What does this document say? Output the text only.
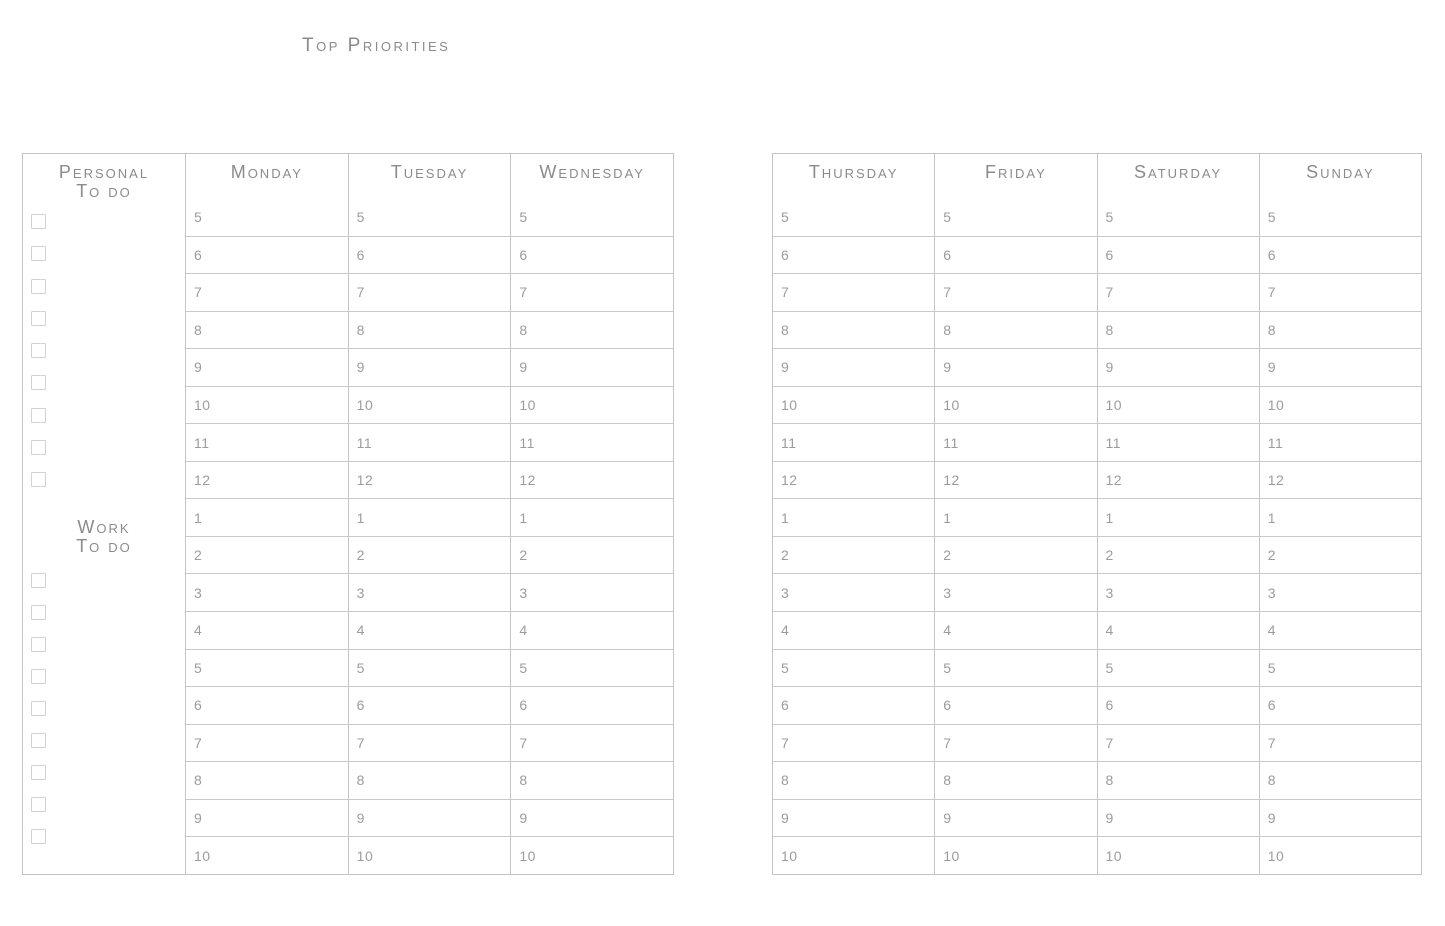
Top Priorities
Personal
To do
Work
To do
Monday
5
6
7
8
9
10
11
12
1
2
3
4
5
6
7
8
9
10
Tuesday
5
6
7
8
9
10
11
12
1
2
3
4
5
6
7
8
9
10
Wednesday
5
6
7
8
9
10
11
12
1
2
3
4
5
6
7
8
9
10
Thursday
5
6
7
8
9
10
11
12
1
2
3
4
5
6
7
8
9
10
Friday
5
6
7
8
9
10
11
12
1
2
3
4
5
6
7
8
9
10
Saturday
5
6
7
8
9
10
11
12
1
2
3
4
5
6
7
8
9
10
Sunday
5
6
7
8
9
10
11
12
1
2
3
4
5
6
7
8
9
10
